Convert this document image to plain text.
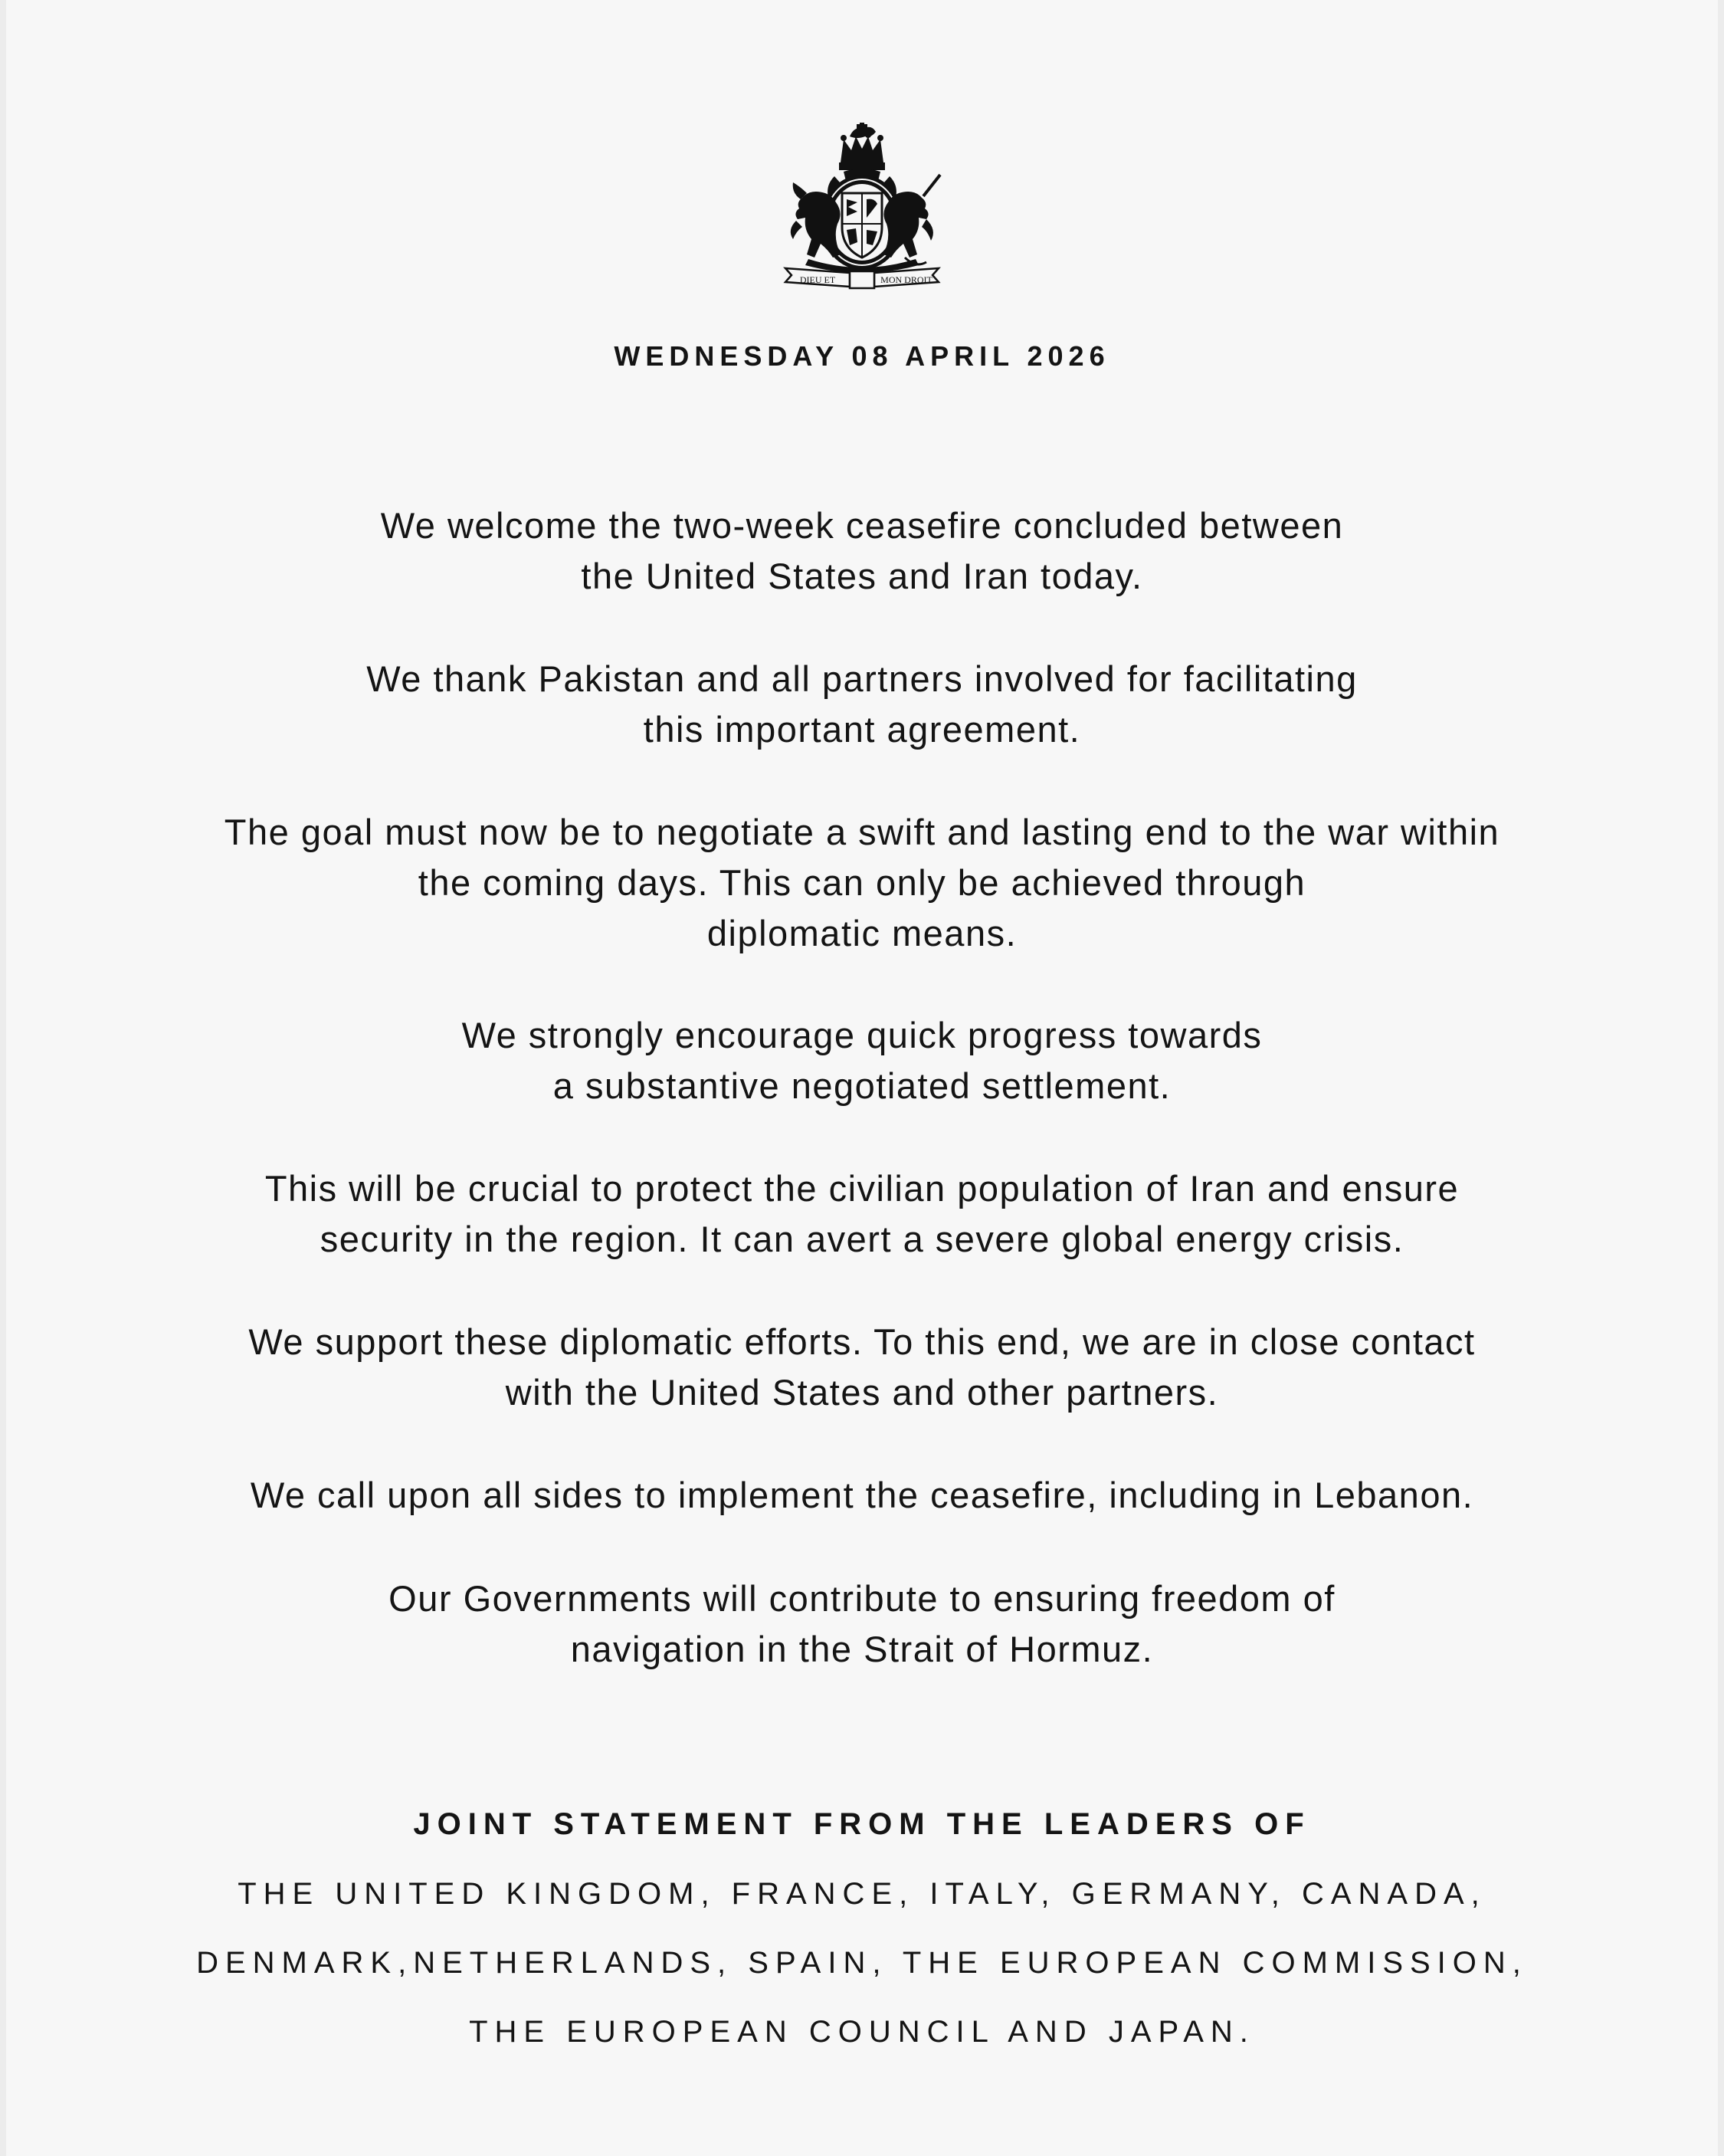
DIEU ET	MON DROIT
WEDNESDAY 08 APRIL 2026

We welcome the two-week ceasefire concluded between
the United States and Iran today.

We thank Pakistan and all partners involved for facilitating
this important agreement.

The goal must now be to negotiate a swift and lasting end to the war within
the coming days. This can only be achieved through
diplomatic means.

We strongly encourage quick progress towards
a substantive negotiated settlement.

This will be crucial to protect the civilian population of Iran and ensure
security in the region. It can avert a severe global energy crisis.

We support these diplomatic efforts. To this end, we are in close contact
with the United States and other partners.

We call upon all sides to implement the ceasefire, including in Lebanon.

Our Governments will contribute to ensuring freedom of
navigation in the Strait of Hormuz.

JOINT STATEMENT FROM THE LEADERS OF
THE UNITED KINGDOM, FRANCE, ITALY, GERMANY, CANADA,
DENMARK,NETHERLANDS, SPAIN, THE EUROPEAN COMMISSION,
THE EUROPEAN COUNCIL AND JAPAN.
